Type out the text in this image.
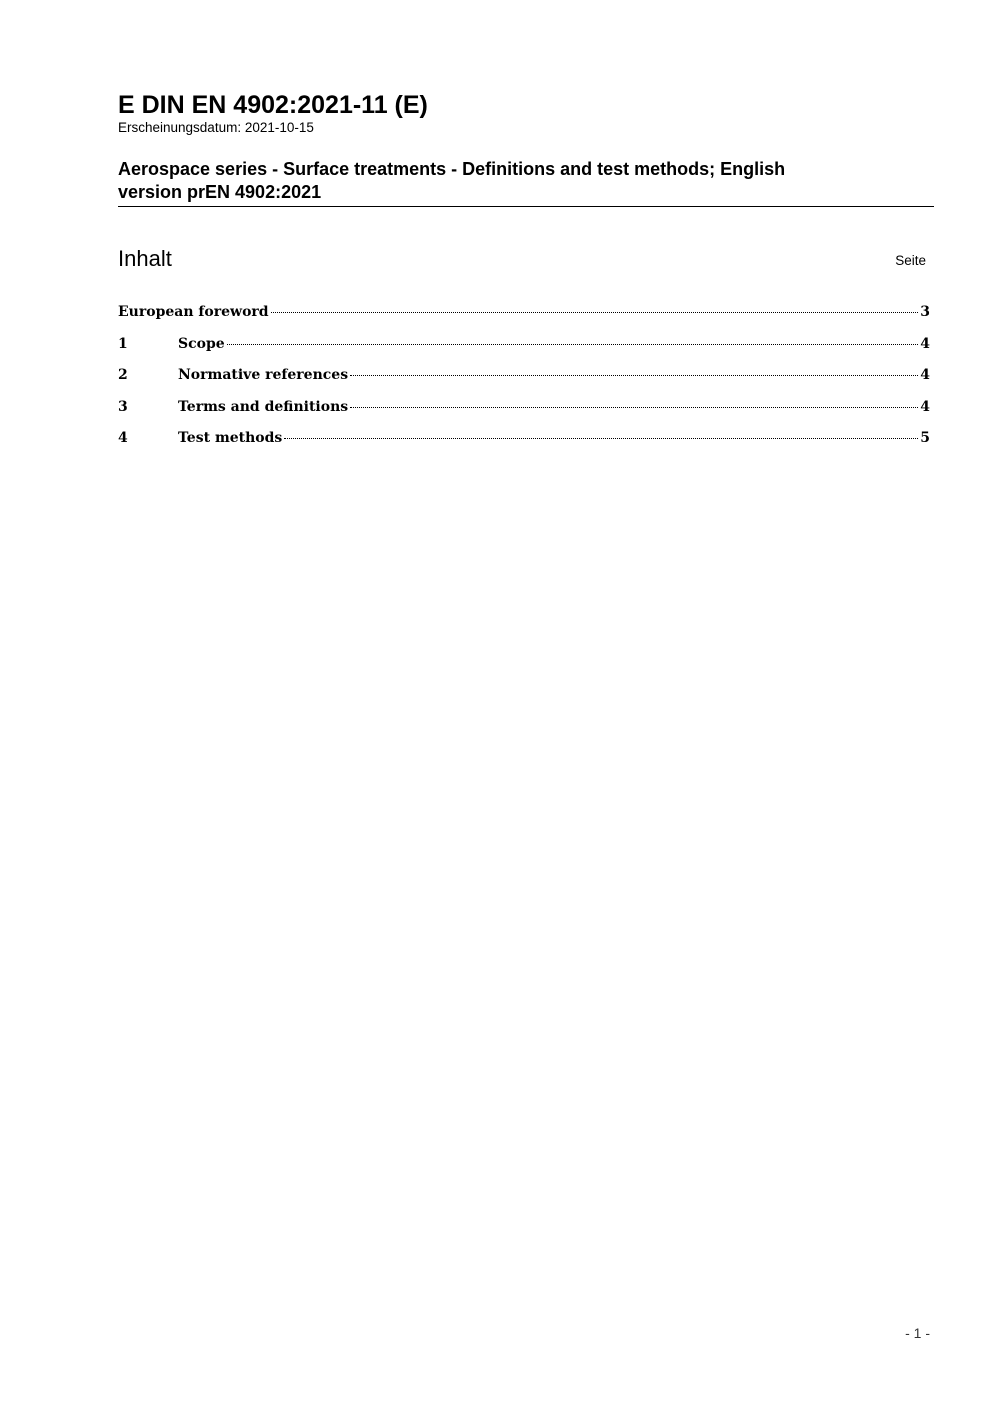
E DIN EN 4902:2021-11 (E)

Erscheinungsdatum: 2021-10-15

Aerospace series - Surface treatments - Definitions and test methods; English
version prEN 4902:2021
Inhalt	Seite
European foreword	3
1	Scope	4
2	Normative references	4
3	Terms and definitions	4
4	Test methods	5
- 1 -
